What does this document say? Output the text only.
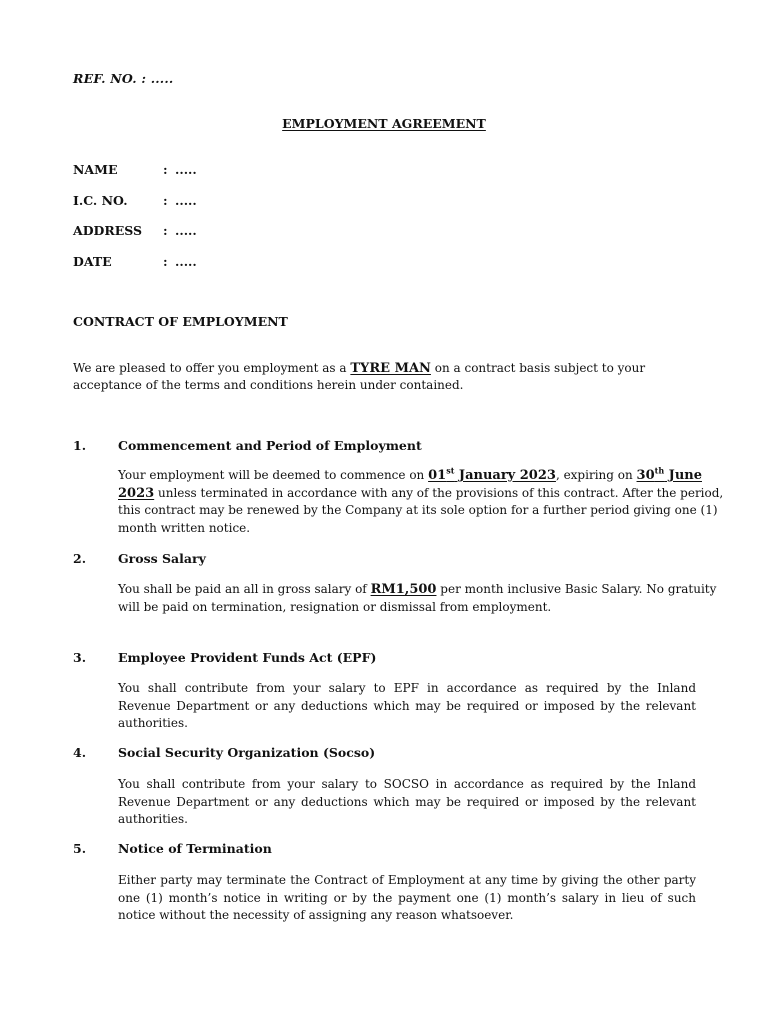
REF. NO. : .....
EMPLOYMENT AGREEMENT
NAME	: .....
I.C. NO.	: .....
ADDRESS	: .....
DATE	: .....
CONTRACT OF EMPLOYMENT
We are pleased to offer you employment as a TYRE MAN on a contract basis subject to your
acceptance of the terms and conditions herein under contained.
1.	Commencement and Period of Employment
Your employment will be deemed to commence on 01st January 2023, expiring on 30th June
2023 unless terminated in accordance with any of the provisions of this contract. After the period,
this contract may be renewed by the Company at its sole option for a further period giving one (1)
month written notice.
2.	Gross Salary
You shall be paid an all in gross salary of RM1,500 per month inclusive Basic Salary. No gratuity
will be paid on termination, resignation or dismissal from employment.
3.	Employee Provident Funds Act (EPF)
You shall contribute from your salary to EPF in accordance as required by the Inland
Revenue Department or any deductions which may be required or imposed by the relevant
authorities.
4.	Social Security Organization (Socso)
You shall contribute from your salary to SOCSO in accordance as required by the Inland
Revenue Department or any deductions which may be required or imposed by the relevant
authorities.
5.	Notice of Termination
Either party may terminate the Contract of Employment at any time by giving the other party
one (1) month’s notice in writing or by the payment one (1) month’s salary in lieu of such
notice without the necessity of assigning any reason whatsoever.
